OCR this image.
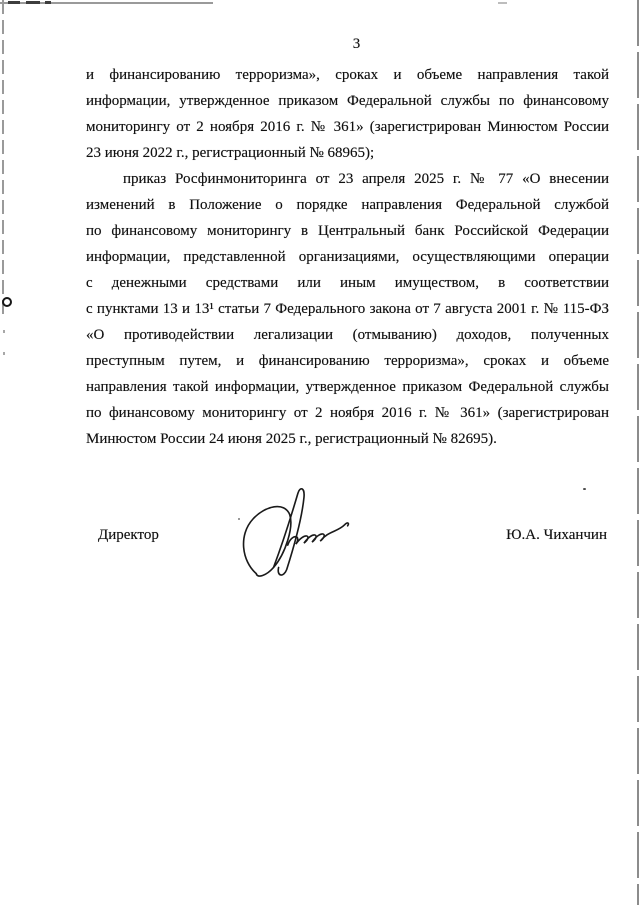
3
и финансированию терроризма», сроках и объеме направления такой
информации, утвержденное приказом Федеральной службы по финансовому
мониторингу от 2 ноября 2016 г. № 361» (зарегистрирован Минюстом России
23 июня 2022 г., регистрационный № 68965);
приказ Росфинмониторинга от 23 апреля 2025 г. № 77 «О внесении
изменений в Положение о порядке направления Федеральной службой
по финансовому мониторингу в Центральный банк Российской Федерации
информации, представленной организациями, осуществляющими операции
с денежными средствами или иным имуществом, в соответствии
с пунктами 13 и 13¹ статьи 7 Федерального закона от 7 августа 2001 г. № 115-ФЗ
«О противодействии легализации (отмыванию) доходов, полученных
преступным путем, и финансированию терроризма», сроках и объеме
направления такой информации, утвержденное приказом Федеральной службы
по финансовому мониторингу от 2 ноября 2016 г. № 361» (зарегистрирован
Минюстом России 24 июня 2025 г., регистрационный № 82695).
Директор	Ю.А. Чиханчин
